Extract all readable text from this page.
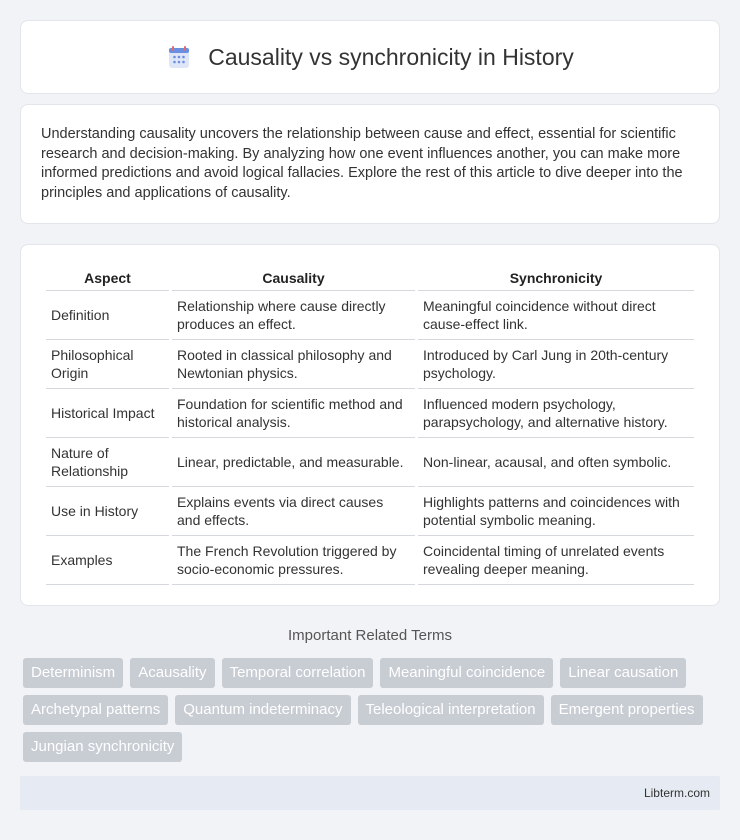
Causality vs synchronicity in History

Understanding causality uncovers the relationship between cause and effect, essential for scientific research and decision-making. By analyzing how one event influences another, you can make more informed predictions and avoid logical fallacies. Explore the rest of this article to dive deeper into the principles and applications of causality.

Aspect	Causality	Synchronicity
Definition	Relationship where cause directly produces an effect.	Meaningful coincidence without direct cause-effect link.
Philosophical Origin	Rooted in classical philosophy and Newtonian physics.	Introduced by Carl Jung in 20th-century psychology.
Historical Impact	Foundation for scientific method and historical analysis.	Influenced modern psychology, parapsychology, and alternative history.
Nature of Relationship	Linear, predictable, and measurable.	Non-linear, acausal, and often symbolic.
Use in History	Explains events via direct causes and effects.	Highlights patterns and coincidences with potential symbolic meaning.
Examples	The French Revolution triggered by socio-economic pressures.	Coincidental timing of unrelated events revealing deeper meaning.
Important Related Terms
Determinism	Acausality	Temporal correlation	Meaningful coincidence	Linear causation
Archetypal patterns	Quantum indeterminacy	Teleological interpretation	Emergent properties
Jungian synchronicity
Libterm.com
